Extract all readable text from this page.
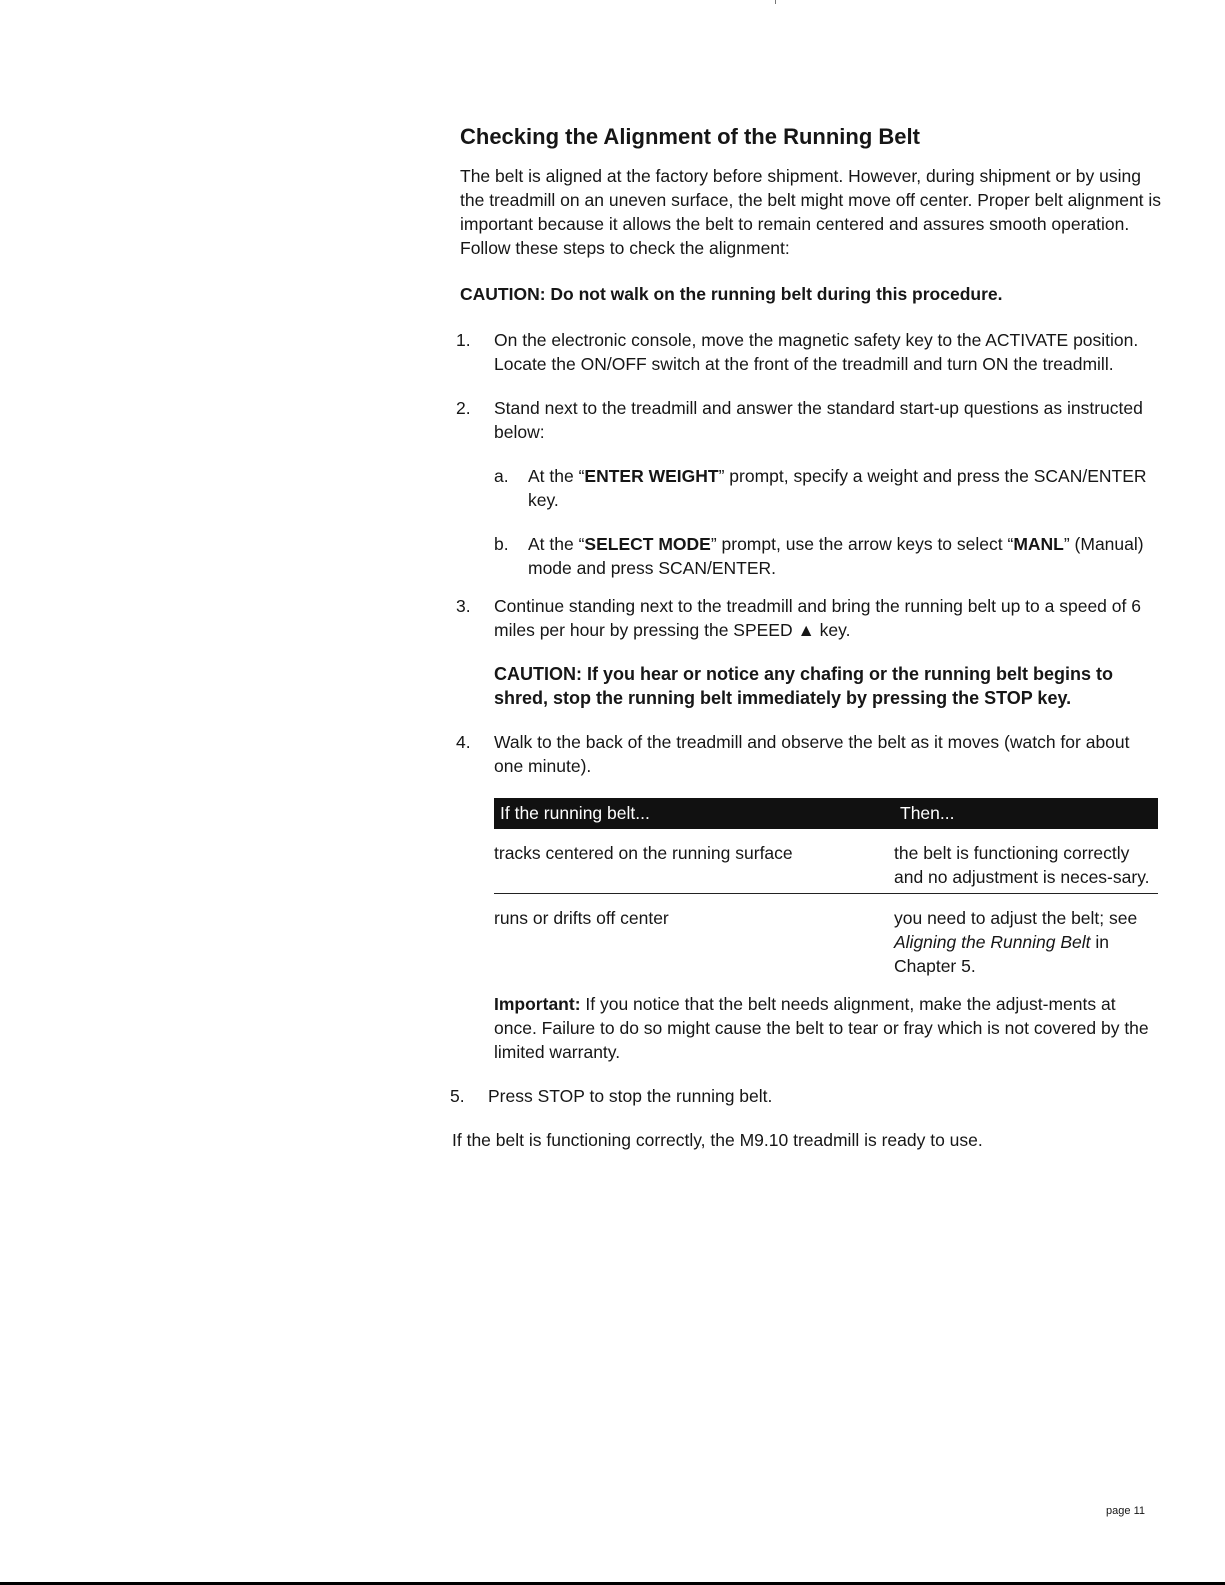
Checking the Alignment of the Running Belt

The belt is aligned at the factory before shipment. However, during shipment or by using the treadmill on an uneven surface, the belt might move off center. Proper belt alignment is important because it allows the belt to remain centered and assures smooth operation. Follow these steps to check the alignment:

CAUTION: Do not walk on the running belt during this procedure.

1. On the electronic console, move the magnetic safety key to the ACTIVATE position. Locate the ON/OFF switch at the front of the treadmill and turn ON the treadmill.

2. Stand next to the treadmill and answer the standard start-up questions as instructed below:

a. At the “ENTER WEIGHT” prompt, specify a weight and press the SCAN/ENTER key.

b. At the “SELECT MODE” prompt, use the arrow keys to select “MANL” (Manual) mode and press SCAN/ENTER.

3. Continue standing next to the treadmill and bring the running belt up to a speed of 6 miles per hour by pressing the SPEED ▲ key.

CAUTION: If you hear or notice any chafing or the running belt begins to shred, stop the running belt immediately by pressing the STOP key.

4. Walk to the back of the treadmill and observe the belt as it moves (watch for about one minute).

If the running belt...	Then...
tracks centered on the running surface	the belt is functioning correctly and no adjustment is neces-sary.
runs or drifts off center	you need to adjust the belt; see Aligning the Running Belt in Chapter 5.

Important: If you notice that the belt needs alignment, make the adjust-ments at once. Failure to do so might cause the belt to tear or fray which is not covered by the limited warranty.

5. Press STOP to stop the running belt.

If the belt is functioning correctly, the M9.10 treadmill is ready to use.

page 11
